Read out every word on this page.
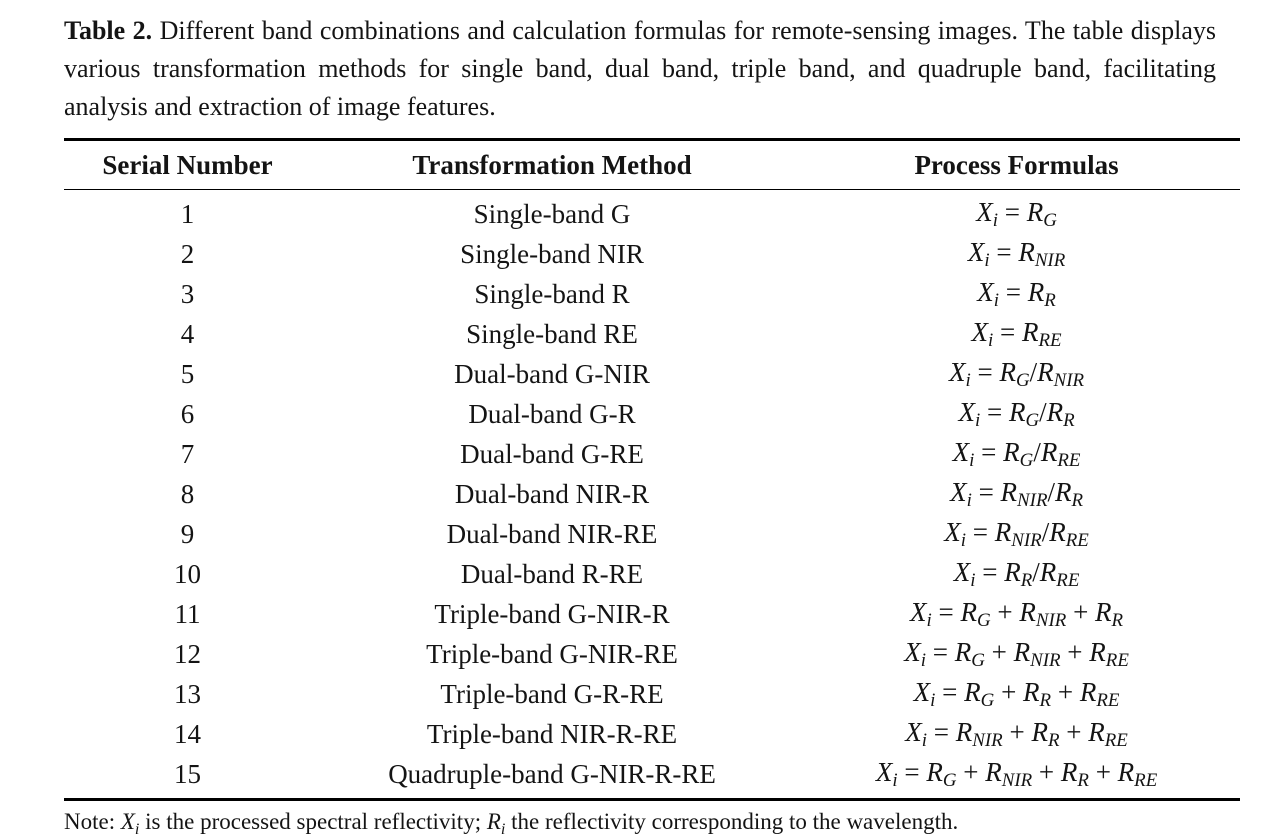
Table 2. Different band combinations and calculation formulas for remote-sensing images. The table displays various transformation methods for single band, dual band, triple band, and quadruple band, facilitating analysis and extraction of image features.

Serial Number	Transformation Method	Process Formulas
1	Single-band G	$X_i = R_G$
2	Single-band NIR	$X_i = R_{NIR}$
3	Single-band R	$X_i = R_R$
4	Single-band RE	$X_i = R_{RE}$
5	Dual-band G-NIR	$X_i = R_G/R_{NIR}$
6	Dual-band G-R	$X_i = R_G/R_R$
7	Dual-band G-RE	$X_i = R_G/R_{RE}$
8	Dual-band NIR-R	$X_i = R_{NIR}/R_R$
9	Dual-band NIR-RE	$X_i = R_{NIR}/R_{RE}$
10	Dual-band R-RE	$X_i = R_R/R_{RE}$
11	Triple-band G-NIR-R	$X_i = R_G + R_{NIR} + R_R$
12	Triple-band G-NIR-RE	$X_i = R_G + R_{NIR} + R_{RE}$
13	Triple-band G-R-RE	$X_i = R_G + R_R + R_{RE}$
14	Triple-band NIR-R-RE	$X_i = R_{NIR} + R_R + R_{RE}$
15	Quadruple-band G-NIR-R-RE	$X_i = R_G + R_{NIR} + R_R + R_{RE}$

Note: $X_i$ is the processed spectral reflectivity; $R_i$ the reflectivity corresponding to the wavelength.
